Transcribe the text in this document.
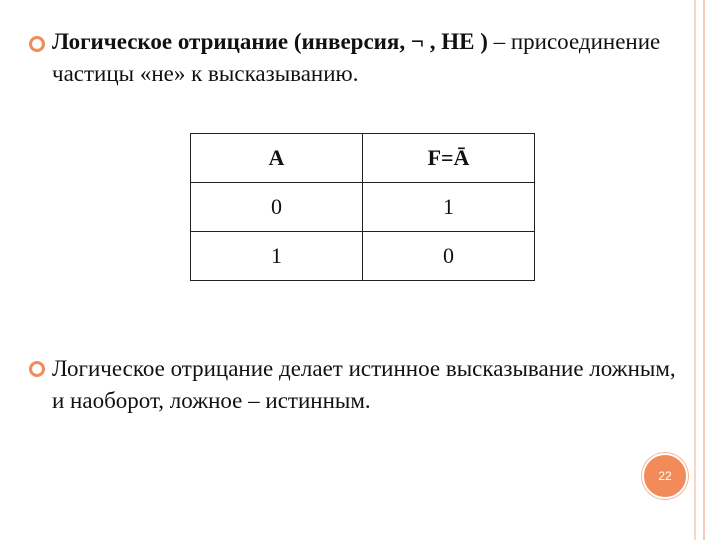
Логическое отрицание (инверсия, ¬ , НЕ ) – присоединение частицы «не» к высказыванию.
A	F=Ā
0	1
1	0
Логическое отрицание делает истинное высказывание ложным, и наоборот, ложное – истинным.
22
